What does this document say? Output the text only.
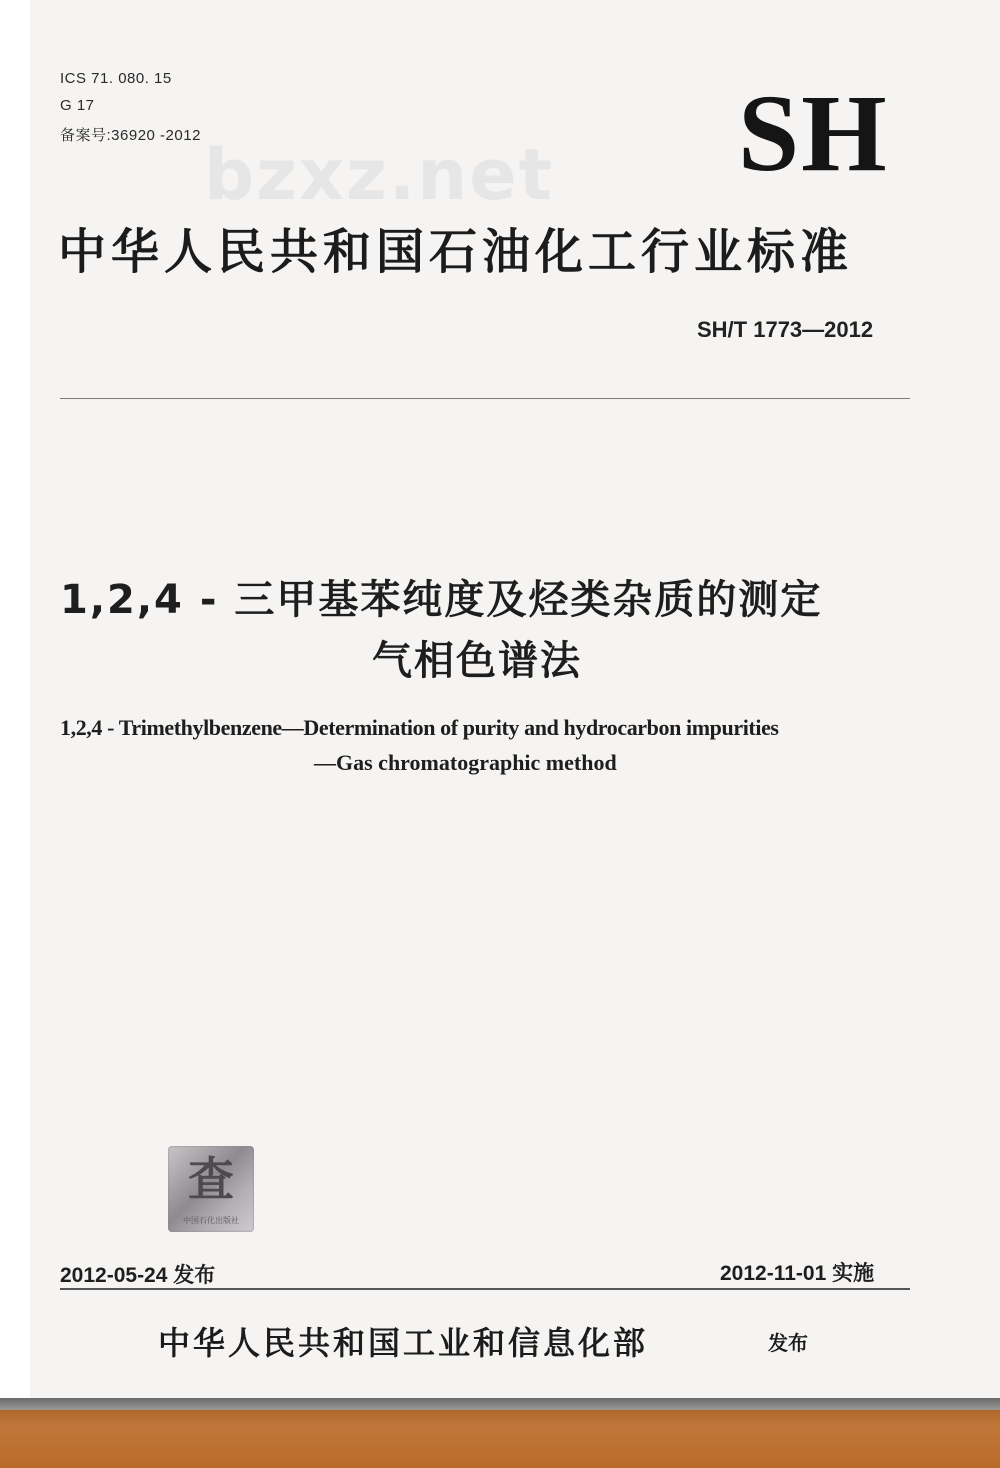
ICS 71. 080. 15

G 17

备案号:36920 -2012	SH
bzxz.net
中华人民共和国石油化工行业标准
SH/T 1773—2012
1,2,4 - 三甲基苯纯度及烃类杂质的测定
气相色谱法
1,2,4 - Trimethylbenzene—Determination of purity and hydrocarbon impurities
—Gas chromatographic method
査
中国石化出版社
2012-05-24 发布	2012-11-01 实施
中华人民共和国工业和信息化部	发布
